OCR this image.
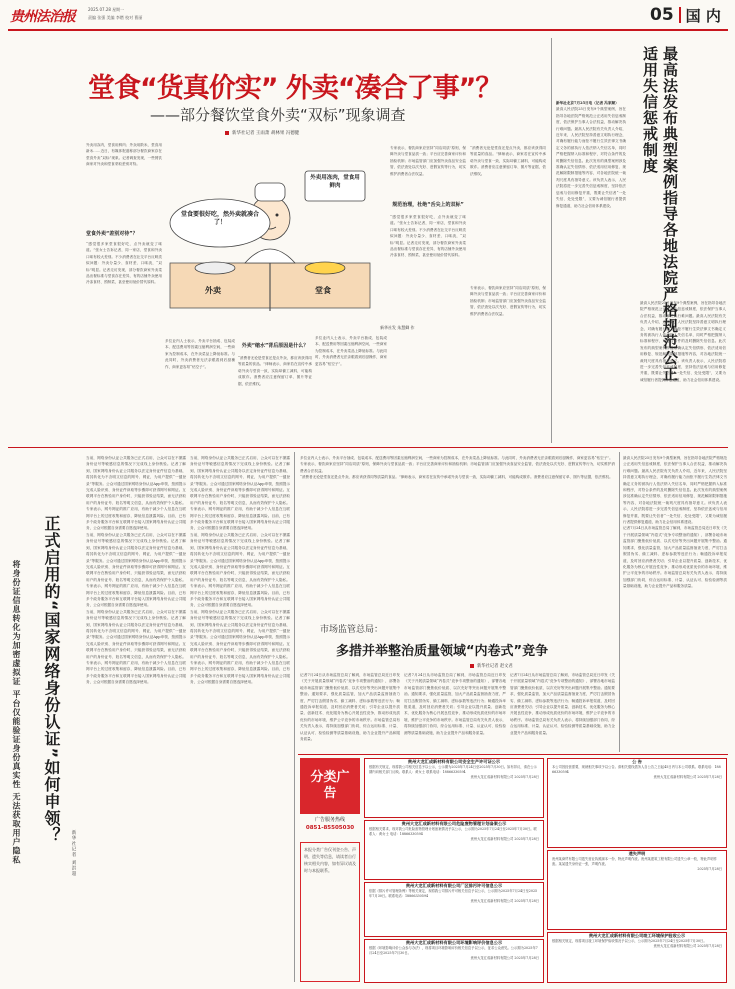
贵州法治报	2025.07.28 星期一
责编 张强 美编 李燃 校对 曹丽	05 国 内
堂食“货真价实” 外卖“凑合了事”？
——部分餐饮堂食外卖“双标”现象调查
新华社记者 王雨萧 胡林果 冯德健

外卖用冻肉，堂食用鲜肉；外卖用散米，堂食用新米……近日，有媒体报道称部分餐饮商家存在堂食外卖“双标”现象。记者调查发现，一些餐饮商家对外卖和堂食采取差别对待。

堂食外卖“差别对待”？

“感觉很多家堂食很好吃，点外卖就变了味道。”张女士告诉记者，同一家店，堂食和外卖口味有较大差别。不少消费者在社交平台反映类似问题：外卖分量少、食材差、口味淡，“双标”明显。记者走访发现，部分餐饮商家外卖菜品出餐标准与堂食存在差异，有的店铺外卖使用冷冻食材、预制菜，甚至使用低价替代原料。

堂食要很好吃，然外卖就凑合了！
外卖用冻肉，堂食用鲜肉
外卖	堂食
新华社发 朱慧卿 作

多位业内人士表示，外卖平台抽成、包装成本、配送费用等因素压缩利润空间，一些商家为控制成本，在外卖菜品上降低标准。与此同时，外卖消费者无法亲眼看到后厨操作，商家更容易“钻空子”。

外卖“缩水”背后原因是什么？

“消费者无论是堂食还是点外卖，都应该获得同等质量的食品。”律师表示，商家若在宣传中承诺外卖与堂食一致，实际却偷工减料，可能构成欺诈。消费者应注意保留订单、图片等证据，依法维权。

多位业内人士表示，外卖平台抽成、包装成本、配送费用等因素压缩利润空间，一些商家为控制成本，在外卖菜品上降低标准。与此同时，外卖消费者无法亲眼看到后厨操作，商家更容易“钻空子”。

专家表示，餐饮商家应坚持“同店同质”原则，保障外卖与堂食品质一致；平台应完善商家评价和抽检机制；市场监管部门应加强外卖食品安全监管，依法查处以次充好、虚假宣传等行为，切实维护消费者合法权益。

规范治理，杜绝“舌尖上的双标”

“感觉很多家堂食很好吃，点外卖就变了味道。”张女士告诉记者，同一家店，堂食和外卖口味有较大差别。不少消费者在社交平台反映类似问题：外卖分量少、食材差、口味淡，“双标”明显。记者走访发现，部分餐饮商家外卖菜品出餐标准与堂食存在差异，有的店铺外卖使用冷冻食材、预制菜，甚至使用低价替代原料。

“消费者无论是堂食还是点外卖，都应该获得同等质量的食品。”律师表示，商家若在宣传中承诺外卖与堂食一致，实际却偷工减料，可能构成欺诈。消费者应注意保留订单、图片等证据，依法维权。

专家表示，餐饮商家应坚持“同店同质”原则，保障外卖与堂食品质一致；平台应完善商家评价和抽检机制；市场监管部门应加强外卖食品安全监管，依法查处以次充好、虚假宣传等行为，切实维护消费者合法权益。

新华社北京7月25日电（记者 冯家顺）

最高人民法院25日发布9个典型案例，旨在指导各地法院严格规范公正适用失信惩戒制度，依法保护当事人合法权益，推动解决执行难问题。最高人民法院有关负责人介绍，近年来，人民法院坚持善意文明执行理念，对确有履行能力而拒不履行生效法律文书确定义务的被执行人依法纳入失信名单，同时严格把握纳入标准和程序，对符合条件的及时删除失信信息。此次发布的典型案例涉及准确认定失信情形、依法适用信用修复、规范解除限制措施等内容，对各地法院统一裁判尺度具有指导意义。该负责人表示，人民法院将进一步完善失信惩戒制度，坚持依法惩戒与信用修复并重，既要让失信者“一处失信、处处受限”，又要为诚信履行者提供修复通道，助力社会信用体系建设。	最高法发布典型案例指导各地法院严格规范公正适用失信惩戒制度

最高人民法院25日发布9个典型案例，旨在指导各地法院严格规范公正适用失信惩戒制度，依法保护当事人合法权益，推动解决执行难问题。最高人民法院有关负责人介绍，近年来，人民法院坚持善意文明执行理念，对确有履行能力而拒不履行生效法律文书确定义务的被执行人依法纳入失信名单，同时严格把握纳入标准和程序，对符合条件的及时删除失信信息。此次发布的典型案例涉及准确认定失信情形、依法适用信用修复、规范解除限制措施等内容，对各地法院统一裁判尺度具有指导意义。该负责人表示，人民法院将进一步完善失信惩戒制度，坚持依法惩戒与信用修复并重，既要让失信者“一处失信、处处受限”，又要为诚信履行者提供修复通道，助力社会信用体系建设。

正式启用的“国家网络身份认证”如何申领？
将身份证信息转化为加密虚拟证 平台仅能验证身份真实性 无法获取用户隐私	新华社记者 刘洪超

当前，网络身份认证公共服务已正式启用，公众可以在不暴露身份证号等敏感信息的情况下完成线上身份核验。记者了解到，国家网络身份认证公共服务以法定身份证件信息为基础，将其转化为不含明文信息的网号、网证，为用户提供“一键登录”等服务。公众可通过国家网络身份认证App申领，按照提示完成人脸识别、身份证件读取等步骤即可获得网号和网证。互联网平台在核验用户身份时，只能获得验证结果，而无法获取用户的身份证号、姓名等明文信息，从而有效保护个人隐私。专家表示，网号网证的推广应用，有助于减少个人信息在互联网平台上的过度收集和留存，降低信息泄露风险。目前，已有多个政务服务平台和互联网平台接入国家网络身份认证公共服务，公众可根据自身需要自愿选择使用。

当前，网络身份认证公共服务已正式启用，公众可以在不暴露身份证号等敏感信息的情况下完成线上身份核验。记者了解到，国家网络身份认证公共服务以法定身份证件信息为基础，将其转化为不含明文信息的网号、网证，为用户提供“一键登录”等服务。公众可通过国家网络身份认证App申领，按照提示完成人脸识别、身份证件读取等步骤即可获得网号和网证。互联网平台在核验用户身份时，只能获得验证结果，而无法获取用户的身份证号、姓名等明文信息，从而有效保护个人隐私。专家表示，网号网证的推广应用，有助于减少个人信息在互联网平台上的过度收集和留存，降低信息泄露风险。目前，已有多个政务服务平台和互联网平台接入国家网络身份认证公共服务，公众可根据自身需要自愿选择使用。

当前，网络身份认证公共服务已正式启用，公众可以在不暴露身份证号等敏感信息的情况下完成线上身份核验。记者了解到，国家网络身份认证公共服务以法定身份证件信息为基础，将其转化为不含明文信息的网号、网证，为用户提供“一键登录”等服务。公众可通过国家网络身份认证App申领，按照提示完成人脸识别、身份证件读取等步骤即可获得网号和网证。互联网平台在核验用户身份时，只能获得验证结果，而无法获取用户的身份证号、姓名等明文信息，从而有效保护个人隐私。专家表示，网号网证的推广应用，有助于减少个人信息在互联网平台上的过度收集和留存，降低信息泄露风险。目前，已有多个政务服务平台和互联网平台接入国家网络身份认证公共服务，公众可根据自身需要自愿选择使用。

当前，网络身份认证公共服务已正式启用，公众可以在不暴露身份证号等敏感信息的情况下完成线上身份核验。记者了解到，国家网络身份认证公共服务以法定身份证件信息为基础，将其转化为不含明文信息的网号、网证，为用户提供“一键登录”等服务。公众可通过国家网络身份认证App申领，按照提示完成人脸识别、身份证件读取等步骤即可获得网号和网证。互联网平台在核验用户身份时，只能获得验证结果，而无法获取用户的身份证号、姓名等明文信息，从而有效保护个人隐私。专家表示，网号网证的推广应用，有助于减少个人信息在互联网平台上的过度收集和留存，降低信息泄露风险。目前，已有多个政务服务平台和互联网平台接入国家网络身份认证公共服务，公众可根据自身需要自愿选择使用。

当前，网络身份认证公共服务已正式启用，公众可以在不暴露身份证号等敏感信息的情况下完成线上身份核验。记者了解到，国家网络身份认证公共服务以法定身份证件信息为基础，将其转化为不含明文信息的网号、网证，为用户提供“一键登录”等服务。公众可通过国家网络身份认证App申领，按照提示完成人脸识别、身份证件读取等步骤即可获得网号和网证。互联网平台在核验用户身份时，只能获得验证结果，而无法获取用户的身份证号、姓名等明文信息，从而有效保护个人隐私。专家表示，网号网证的推广应用，有助于减少个人信息在互联网平台上的过度收集和留存，降低信息泄露风险。目前，已有多个政务服务平台和互联网平台接入国家网络身份认证公共服务，公众可根据自身需要自愿选择使用。

当前，网络身份认证公共服务已正式启用，公众可以在不暴露身份证号等敏感信息的情况下完成线上身份核验。记者了解到，国家网络身份认证公共服务以法定身份证件信息为基础，将其转化为不含明文信息的网号、网证，为用户提供“一键登录”等服务。公众可通过国家网络身份认证App申领，按照提示完成人脸识别、身份证件读取等步骤即可获得网号和网证。互联网平台在核验用户身份时，只能获得验证结果，而无法获取用户的身份证号、姓名等明文信息，从而有效保护个人隐私。专家表示，网号网证的推广应用，有助于减少个人信息在互联网平台上的过度收集和留存，降低信息泄露风险。目前，已有多个政务服务平台和互联网平台接入国家网络身份认证公共服务，公众可根据自身需要自愿选择使用。

市场监管总局：
多措并举整治质量领域“内卷式”竞争
新华社记者 赵文君

记者7月24日从市场监管总局了解到，市场监管总局近日印发《关于开展质量领域“内卷式”竞争专项整治的通知》，部署各地市场监管部门聚焦低价低质、以次充好等突出问题开展集中整治。通知要求，强化质量监管，加大产品质量监督抽查力度，严厉打击假冒伪劣、偷工减料、虚标参数等违法行为；畅通投诉举报渠道，及时回应消费者关切；引导企业以提升质量、创新技术、优化服务为核心开展良性竞争，推动形成优质优价的市场环境，维护公平竞争的市场秩序。市场监管总局有关负责人表示，将持续加强部门协同，综合运用标准、计量、认证认可、检验检测等质量基础设施，助力企业提升产品和服务质量。

记者7月24日从市场监管总局了解到，市场监管总局近日印发《关于开展质量领域“内卷式”竞争专项整治的通知》，部署各地市场监管部门聚焦低价低质、以次充好等突出问题开展集中整治。通知要求，强化质量监管，加大产品质量监督抽查力度，严厉打击假冒伪劣、偷工减料、虚标参数等违法行为；畅通投诉举报渠道，及时回应消费者关切；引导企业以提升质量、创新技术、优化服务为核心开展良性竞争，推动形成优质优价的市场环境，维护公平竞争的市场秩序。市场监管总局有关负责人表示，将持续加强部门协同，综合运用标准、计量、认证认可、检验检测等质量基础设施，助力企业提升产品和服务质量。

记者7月24日从市场监管总局了解到，市场监管总局近日印发《关于开展质量领域“内卷式”竞争专项整治的通知》，部署各地市场监管部门聚焦低价低质、以次充好等突出问题开展集中整治。通知要求，强化质量监管，加大产品质量监督抽查力度，严厉打击假冒伪劣、偷工减料、虚标参数等违法行为；畅通投诉举报渠道，及时回应消费者关切；引导企业以提升质量、创新技术、优化服务为核心开展良性竞争，推动形成优质优价的市场环境，维护公平竞争的市场秩序。市场监管总局有关负责人表示，将持续加强部门协同，综合运用标准、计量、认证认可、检验检测等质量基础设施，助力企业提升产品和服务质量。

最高人民法院25日发布9个典型案例，旨在指导各地法院严格规范公正适用失信惩戒制度，依法保护当事人合法权益，推动解决执行难问题。最高人民法院有关负责人介绍，近年来，人民法院坚持善意文明执行理念，对确有履行能力而拒不履行生效法律文书确定义务的被执行人依法纳入失信名单，同时严格把握纳入标准和程序，对符合条件的及时删除失信信息。此次发布的典型案例涉及准确认定失信情形、依法适用信用修复、规范解除限制措施等内容，对各地法院统一裁判尺度具有指导意义。该负责人表示，人民法院将进一步完善失信惩戒制度，坚持依法惩戒与信用修复并重，既要让失信者“一处失信、处处受限”，又要为诚信履行者提供修复通道，助力社会信用体系建设。

记者7月24日从市场监管总局了解到，市场监管总局近日印发《关于开展质量领域“内卷式”竞争专项整治的通知》，部署各地市场监管部门聚焦低价低质、以次充好等突出问题开展集中整治。通知要求，强化质量监管，加大产品质量监督抽查力度，严厉打击假冒伪劣、偷工减料、虚标参数等违法行为；畅通投诉举报渠道，及时回应消费者关切；引导企业以提升质量、创新技术、优化服务为核心开展良性竞争，推动形成优质优价的市场环境，维护公平竞争的市场秩序。市场监管总局有关负责人表示，将持续加强部门协同，综合运用标准、计量、认证认可、检验检测等质量基础设施，助力企业提升产品和服务质量。

多位业内人士表示，外卖平台抽成、包装成本、配送费用等因素压缩利润空间，一些商家为控制成本，在外卖菜品上降低标准。与此同时，外卖消费者无法亲眼看到后厨操作，商家更容易“钻空子”。

专家表示，餐饮商家应坚持“同店同质”原则，保障外卖与堂食品质一致；平台应完善商家评价和抽检机制；市场监管部门应加强外卖食品安全监管，依法查处以次充好、虚假宣传等行为，切实维护消费者合法权益。

“消费者无论是堂食还是点外卖，都应该获得同等质量的食品。”律师表示，商家若在宣传中承诺外卖与堂食一致，实际却偷工减料，可能构成欺诈。消费者应注意保留订单、图片等证据，依法维权。

分类广告
广告服务热线
0851-85505030

本报分类广告仅刊登公告、声明、遗失等信息，请读者自行核实相关内容，如有异议请及时与本报联系。

贵州大龙汇成新材料有限公司安全生产许可证公示
根据有关规定，现将我公司相关信息予以公示，公示期为2025年7月24日至2025年7月30日。如有异议，请在公示期内向相关部门反映。联系人：黄女士 联系电话：18866330594
贵州大龙汇成新材料有限公司 2025年7月28日
贵州大龙汇成新材料有限公司危险废物管理计划备案公示
根据相关要求，现对我公司危险废物管理计划备案情况予以公示，公示期为2025年7月24日至2025年7月30日。联系人：黄女士 电话：18866330594
贵州大龙汇成新材料有限公司 2025年7月28日
贵州大龙汇成新材料有限公司厂区排污许可信息公示
依据《排污许可管理条例》等相关规定，现将我公司排污许可相关信息予以公示，公示期为2025年7月24日至2025年7月30日。联系电话：18866330594
贵州大龙汇成新材料有限公司 2025年7月28日
贵州大龙汇成新材料有限公司环境影响评价信息公示
根据《环境影响评价公众参与办法》，现将项目环境影响评价相关信息予以公示，征求公众意见。公示期为2025年7月24日至2025年7月30日。
贵州大龙汇成新材料有限公司 2025年7月28日
公 告
本公司因经营需要，现就相关事项予以公告。请相关债权债务人自公告之日起45日内与本公司联系。联系电话：18866330594
贵州大龙汇成新材料有限公司 2025年7月28日
遗失声明
贵州某商贸有限公司遗失营业执照副本一份，特此声明作废。贵州某建筑工程有限公司遗失公章一枚，特此声明作废。某某遗失身份证一张，声明作废。
2025年7月28日
贵州大龙汇成新材料有限公司竣工环境保护验收公示
根据相关规定，现将项目竣工环境保护验收情况予以公示，公示期为2025年7月24日至2025年7月30日。
贵州大龙汇成新材料有限公司 2025年7月28日
